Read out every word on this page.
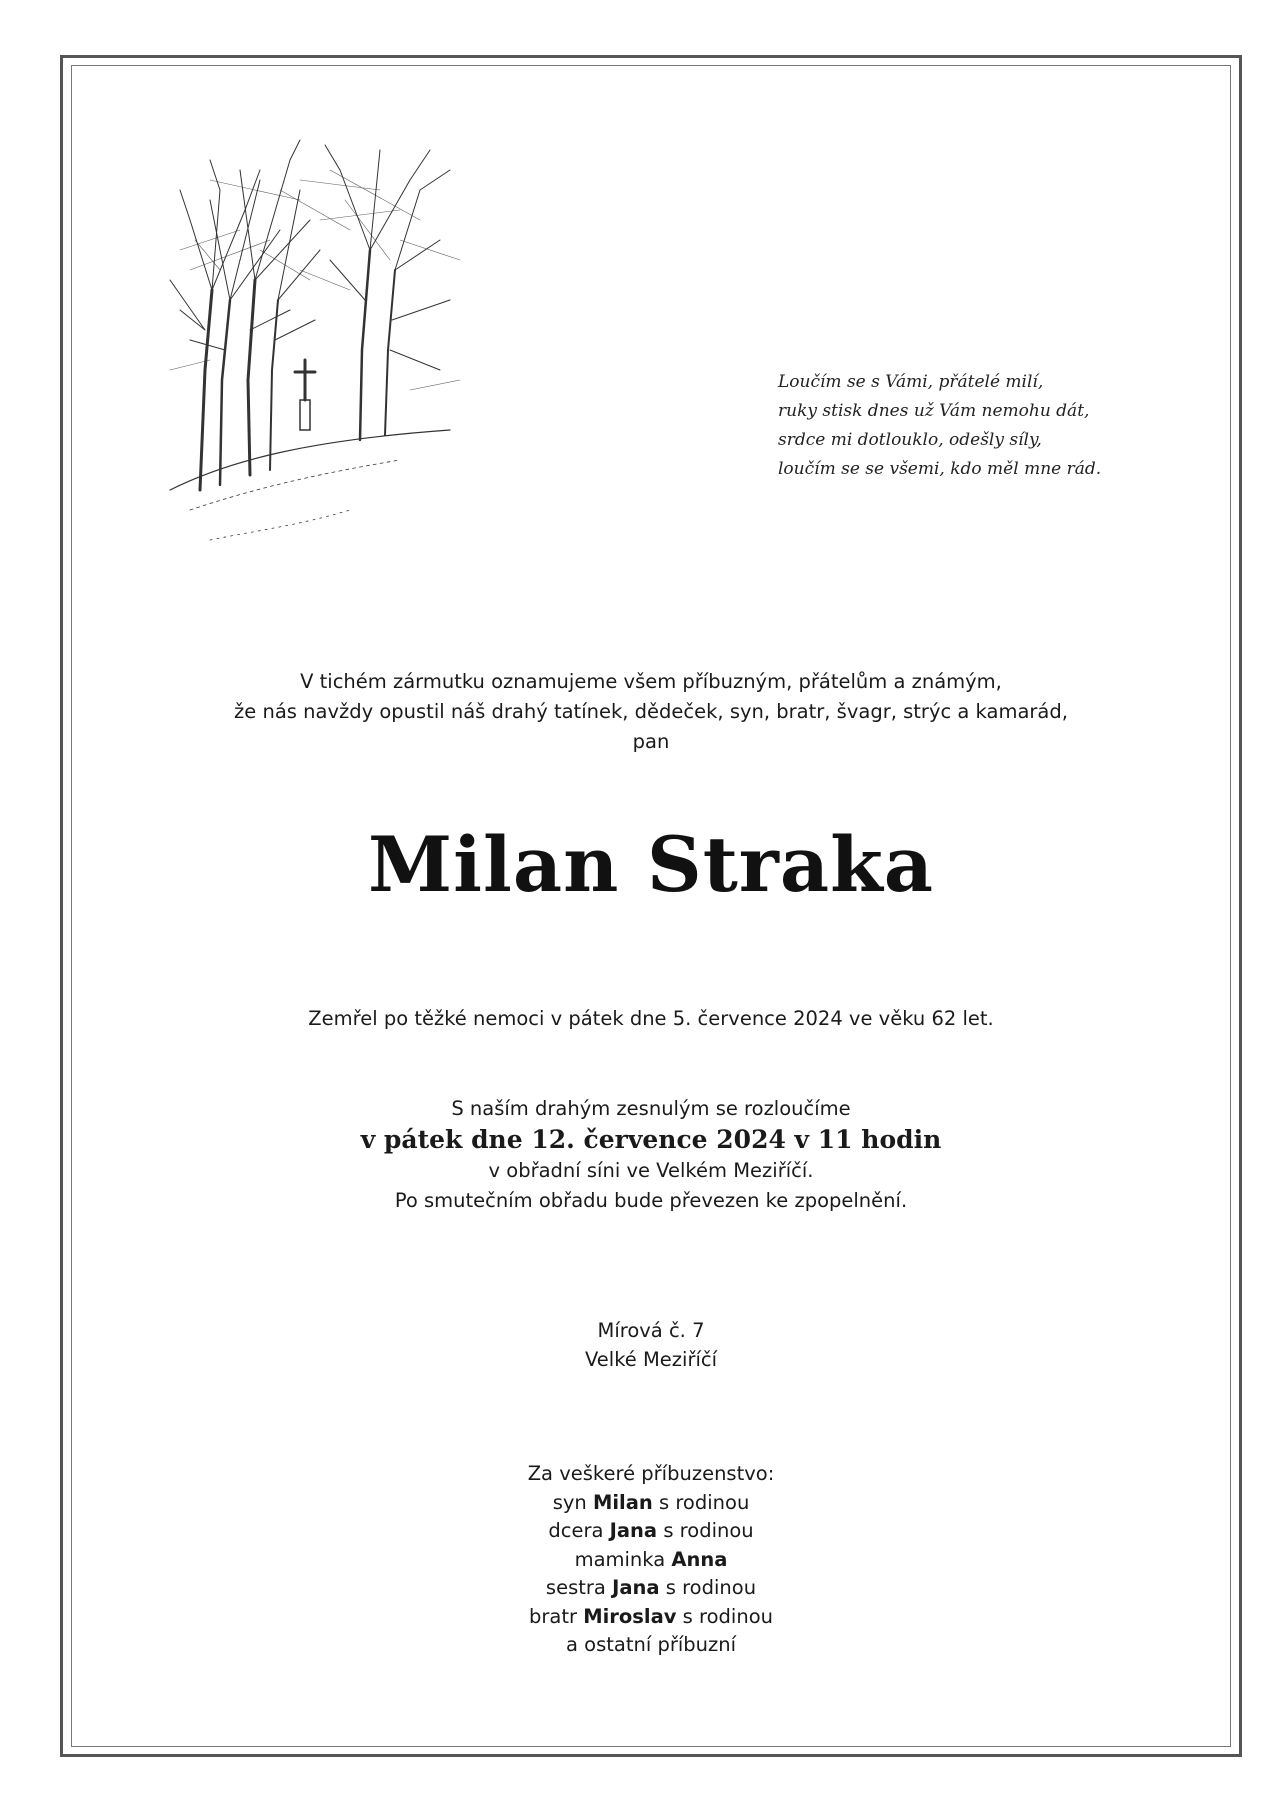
Loučím se s Vámi, přátelé milí,
ruky stisk dnes už Vám nemohu dát,
srdce mi dotlouklo, odešly síly,
loučím se se všemi, kdo měl mne rád.
V tichém zármutku oznamujeme všem příbuzným, přátelům a známým,
že nás navždy opustil náš drahý tatínek, dědeček, syn, bratr, švagr, strýc a kamarád,
pan
Milan Straka
Zemřel po těžké nemoci v pátek dne 5. července 2024 ve věku 62 let.
S naším drahým zesnulým se rozloučíme
v pátek dne 12. července 2024 v 11 hodin
v obřadní síni ve Velkém Meziříčí.
Po smutečním obřadu bude převezen ke zpopelnění.
Mírová č. 7
Velké Meziříčí
Za veškeré příbuzenstvo:
syn Milan s rodinou
dcera Jana s rodinou
maminka Anna
sestra Jana s rodinou
bratr Miroslav s rodinou
a ostatní příbuzní
